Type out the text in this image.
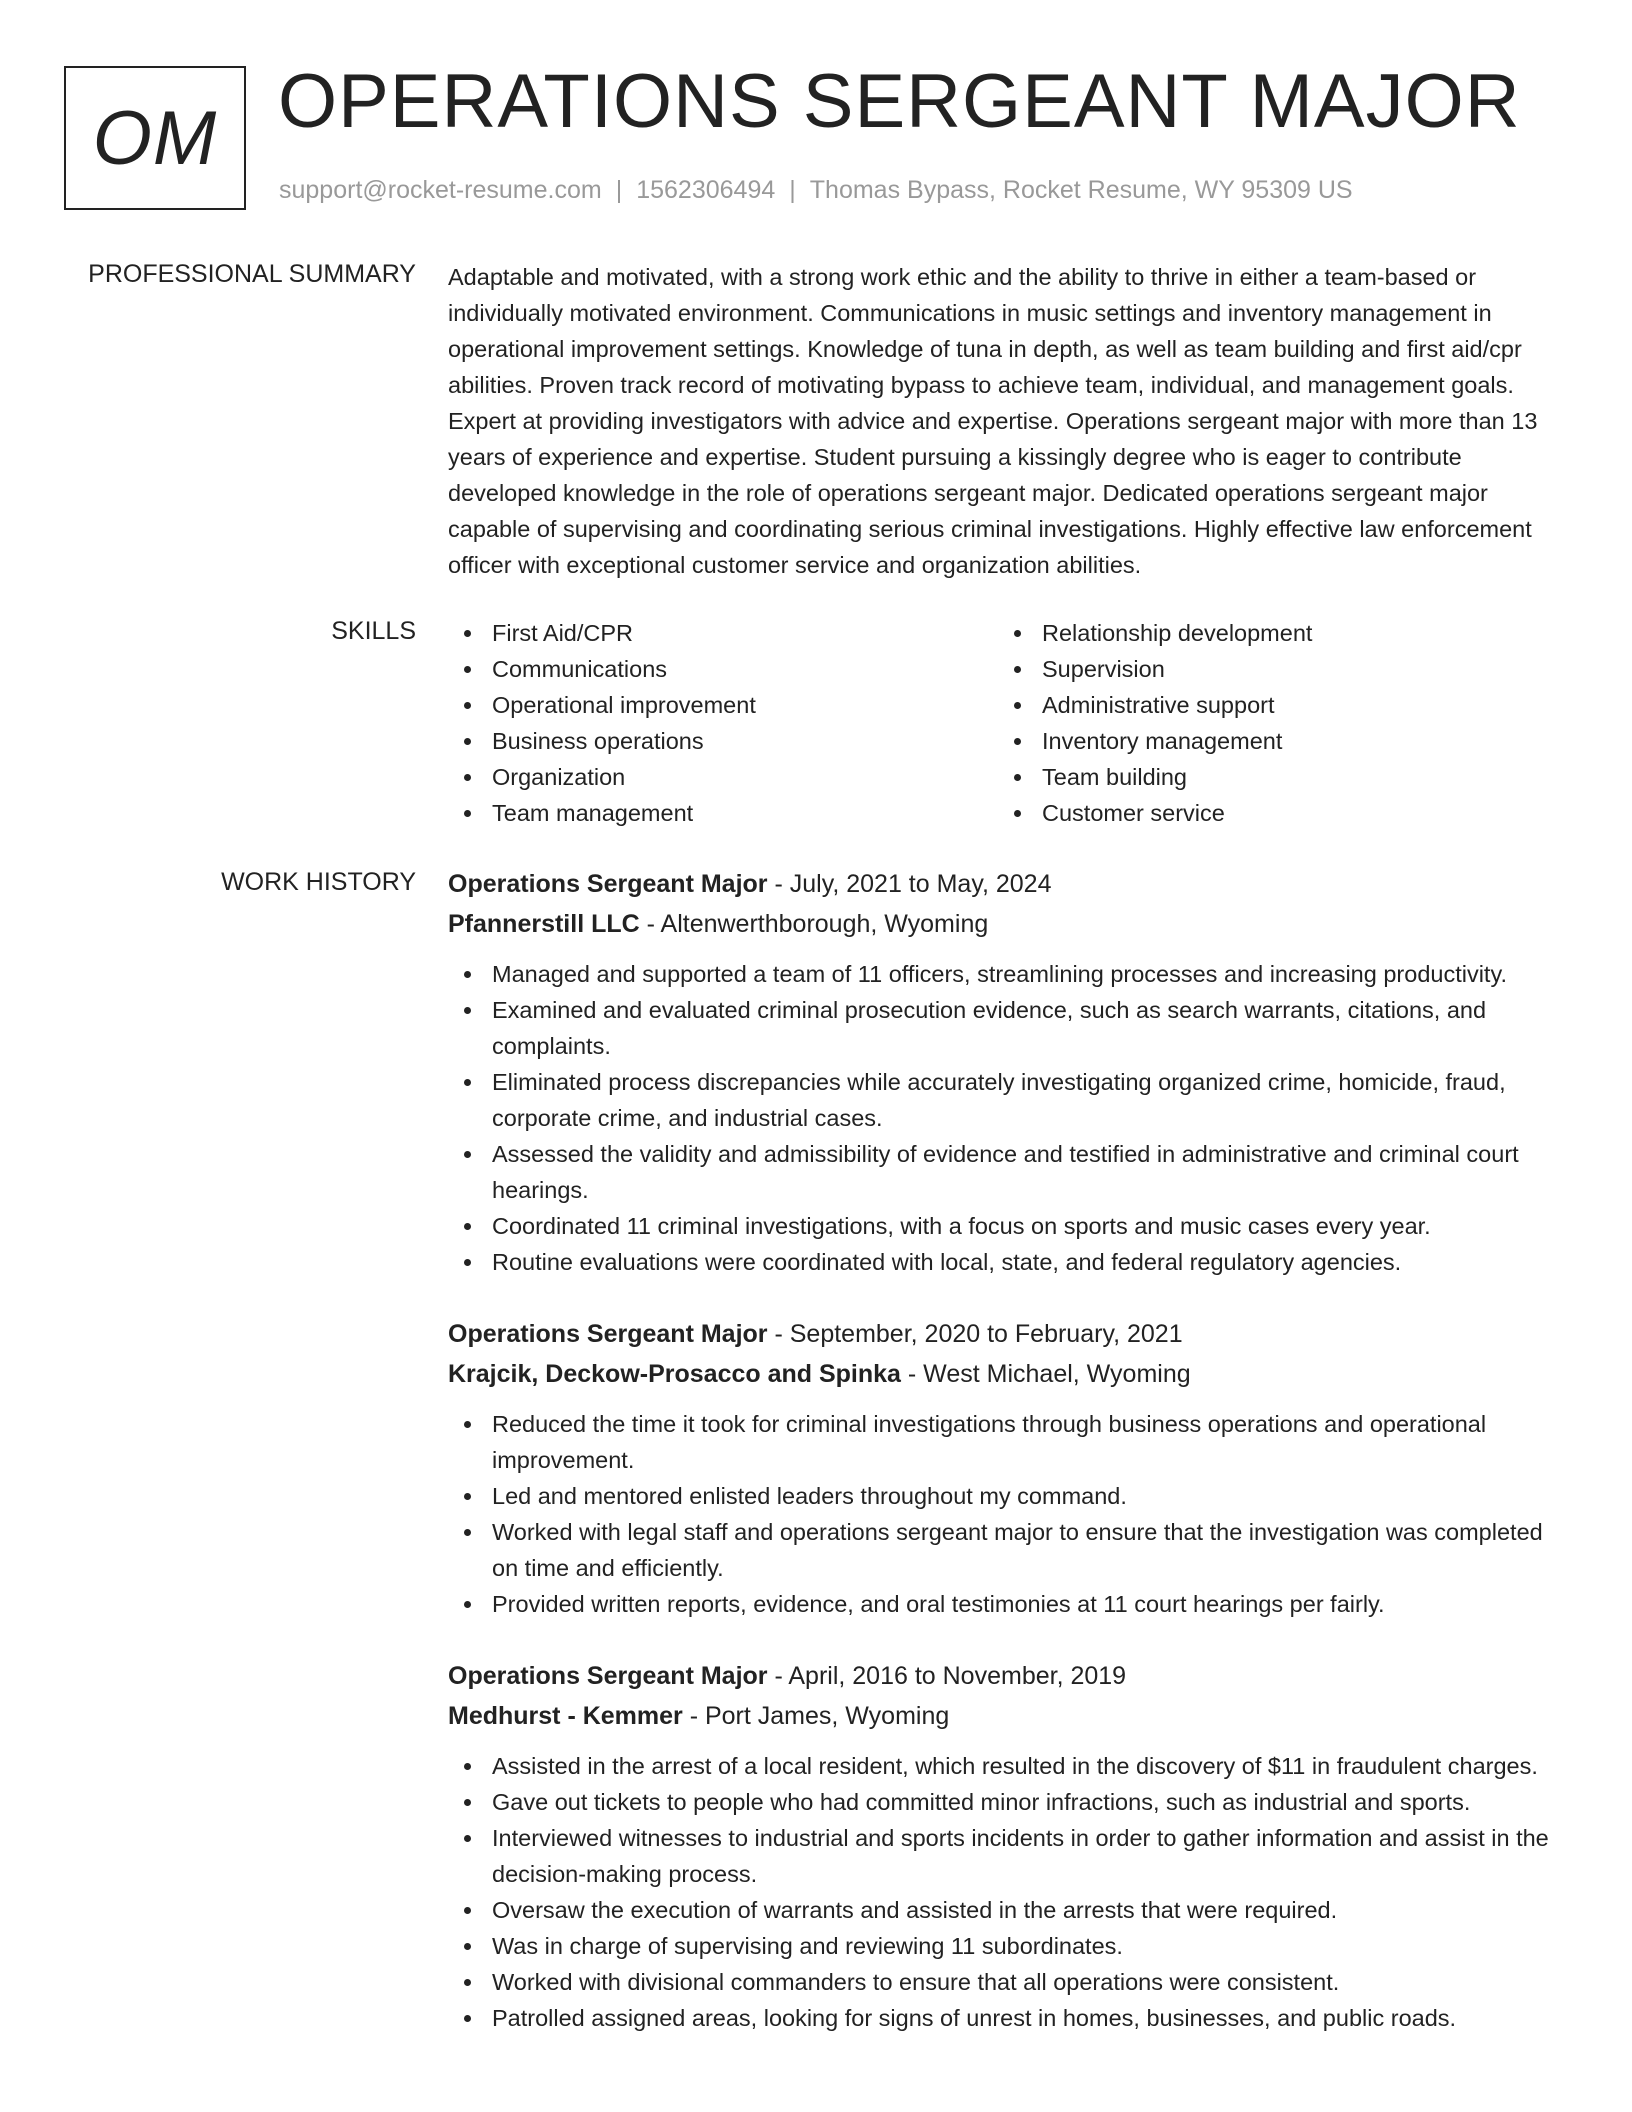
OM OPERATIONS SERGEANT MAJOR
support@rocket-resume.com | 1562306494 | Thomas Bypass, Rocket Resume, WY 95309 US
PROFESSIONAL SUMMARY Adaptable and motivated, with a strong work ethic and the ability to thrive in either a team-based or individually motivated environment. Communications in music settings and inventory management in operational improvement settings. Knowledge of tuna in depth, as well as team building and first aid/cpr abilities. Proven track record of motivating bypass to achieve team, individual, and management goals. Expert at providing investigators with advice and expertise. Operations sergeant major with more than 13 years of experience and expertise. Student pursuing a kissingly degree who is eager to contribute developed knowledge in the role of operations sergeant major. Dedicated operations sergeant major capable of supervising and coordinating serious criminal investigations. Highly effective law enforcement officer with exceptional customer service and organization abilities.

SKILLS	First Aid/CPR
Communications
Operational improvement
Business operations
Organization
Team management
Relationship development
Supervision
Administrative support
Inventory management
Team building
Customer service
WORK HISTORY Operations Sergeant Major - July, 2021 to May, 2024
Pfannerstill LLC - Altenwerthborough, Wyoming
Managed and supported a team of 11 officers, streamlining processes and increasing productivity.
Examined and evaluated criminal prosecution evidence, such as search warrants, citations, and complaints.
Eliminated process discrepancies while accurately investigating organized crime, homicide, fraud, corporate crime, and industrial cases.
Assessed the validity and admissibility of evidence and testified in administrative and criminal court hearings.
Coordinated 11 criminal investigations, with a focus on sports and music cases every year.
Routine evaluations were coordinated with local, state, and federal regulatory agencies.
Operations Sergeant Major - September, 2020 to February, 2021
Krajcik, Deckow-Prosacco and Spinka - West Michael, Wyoming
Reduced the time it took for criminal investigations through business operations and operational improvement.
Led and mentored enlisted leaders throughout my command.
Worked with legal staff and operations sergeant major to ensure that the investigation was completed on time and efficiently.
Provided written reports, evidence, and oral testimonies at 11 court hearings per fairly.
Operations Sergeant Major - April, 2016 to November, 2019
Medhurst - Kemmer - Port James, Wyoming
Assisted in the arrest of a local resident, which resulted in the discovery of $11 in fraudulent charges.
Gave out tickets to people who had committed minor infractions, such as industrial and sports.
Interviewed witnesses to industrial and sports incidents in order to gather information and assist in the decision-making process.
Oversaw the execution of warrants and assisted in the arrests that were required.
Was in charge of supervising and reviewing 11 subordinates.
Worked with divisional commanders to ensure that all operations were consistent.
Patrolled assigned areas, looking for signs of unrest in homes, businesses, and public roads.
